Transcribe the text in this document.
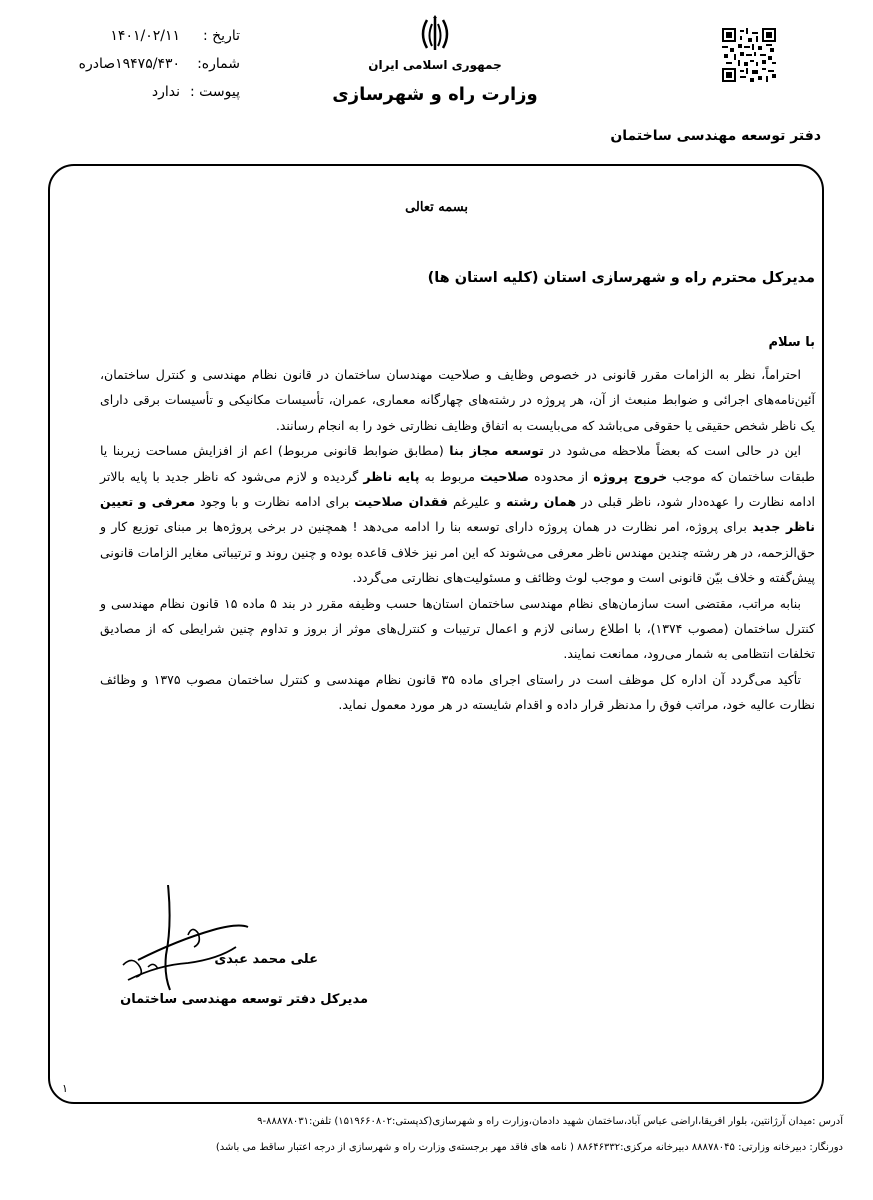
تاریخ :
۱۴۰۱/۰۲/۱۱
شماره:
۱۹۴۷۵/۴۳۰صادره
پیوست :
ندارد
جمهوری اسلامی ایران
وزارت راه و شهرسازی
دفتر توسعه مهندسی ساختمان
بسمه تعالی
مدیرکل محترم راه و شهرسازی استان (کلیه استان ها)
با سلام

احتراماً، نظر به الزامات مقرر قانونی در خصوص وظایف و صلاحیت مهندسان ساختمان در قانون نظام مهندسی و کنترل ساختمان، آئین‌نامه‌های اجرائی و ضوابط منبعث از آن، هر پروژه در رشته‌های چهارگانه معماری، عمران، تأسیسات مکانیکی و تأسیسات برقی دارای یک ناظر شخص حقیقی یا حقوقی می‌باشد که می‌بایست به اتفاق وظایف نظارتی خود را به انجام رسانند.

این در حالی است که بعضاً ملاحظه می‌شود در توسعه مجاز بنا (مطابق ضوابط قانونی مربوط) اعم از افزایش مساحت زیربنا یا طبقات ساختمان که موجب خروج پروژه از محدوده صلاحیت مربوط به پایه ناظر گردیده و لازم می‌شود که ناظر جدید با پایه بالاتر ادامه نظارت را عهده‌دار شود، ناظر قبلی در همان رشته و علیرغم فقدان صلاحیت برای ادامه نظارت و با وجود معرفی و تعیین ناظر جدید برای پروژه، امر نظارت در همان پروژه دارای توسعه بنا را ادامه می‌دهد ! همچنین در برخی پروژه‌ها بر مبنای توزیع کار و حق‌الزحمه، در هر رشته چندین مهندس ناظر معرفی می‌شوند که این امر نیز خلاف قاعده بوده و چنین روند و ترتیباتی مغایر الزامات قانونی پیش‌گفته و خلاف بیّن قانونی است و موجب لوث وظائف و مسئولیت‌های نظارتی می‌گردد.

بنابه مراتب، مقتضی است سازمان‌های نظام مهندسی ساختمان استان‌ها حسب وظیفه مقرر در بند ۵ ماده ۱۵ قانون نظام مهندسی و کنترل ساختمان (مصوب ۱۳۷۴)، با اطلاع رسانی لازم و اعمال ترتیبات و کنترل‌های موثر از بروز و تداوم چنین شرایطی که از مصادیق تخلفات انتظامی به شمار می‌رود، ممانعت نمایند.

تأکید می‌گردد آن اداره کل موظف است در راستای اجرای ماده ۳۵ قانون نظام مهندسی و کنترل ساختمان مصوب ۱۳۷۵ و وظائف نظارت عالیه خود، مراتب فوق را مدنظر قرار داده و اقدام شایسته در هر مورد معمول نماید.

علی محمد عبدی
مدیرکل دفتر توسعه مهندسی ساختمان
۱
آدرس :میدان آرژانتین، بلوار افریقا،اراضی عباس آباد،ساختمان شهید دادمان،وزارت راه و شهرسازی(کدپستی:۱۵۱۹۶۶۰۸۰۲) تلفن:۸۸۸۷۸۰۳۱-۹
دورنگار: دبیرخانه وزارتی: ۸۸۸۷۸۰۴۵ دبیرخانه مرکزی:۸۸۶۴۶۳۳۲ ( نامه های فاقد مهر برجسته‌ی وزارت راه و شهرسازی از درجه اعتبار ساقط می باشد)
